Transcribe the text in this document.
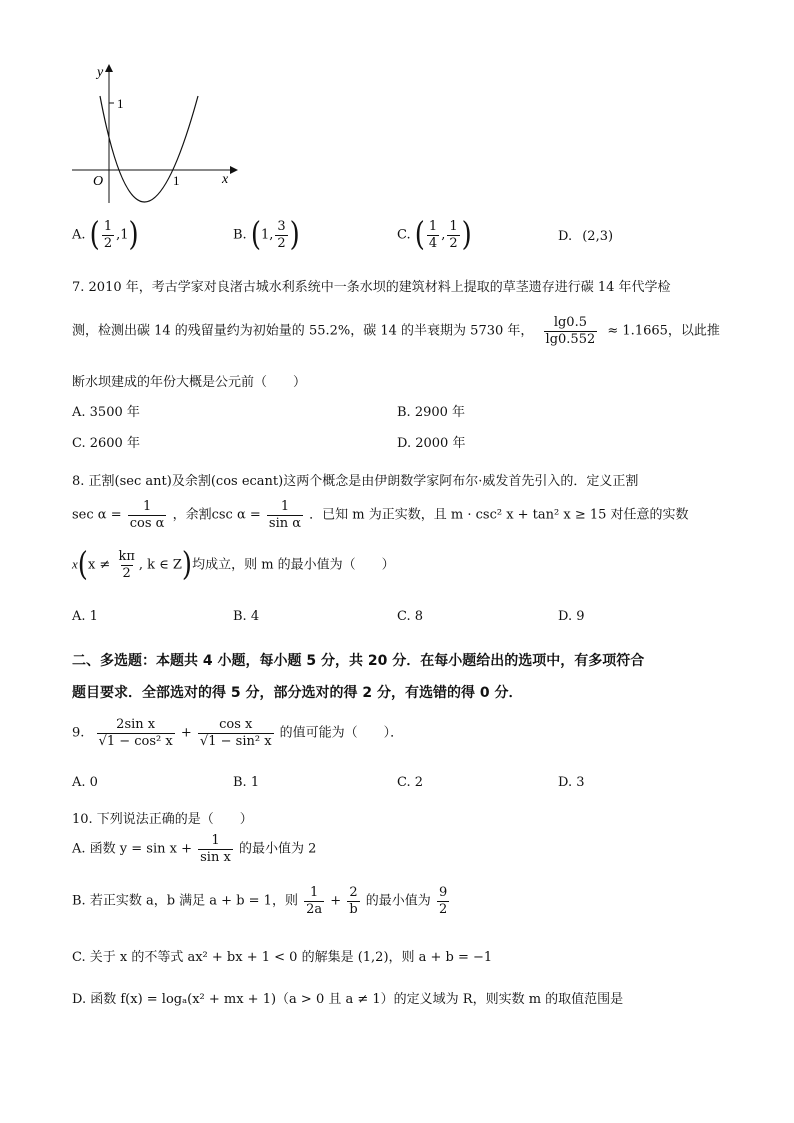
y
x
O
1
1
A. ( $\frac{1}{2} ,1$)	B. (1, $\frac{3}{2}$ )	C. ( $\frac{1}{4}$ , $\frac{1}{2}$ )	D. (2,3)
7. 2010 年，考古学家对良渚古城水利系统中一条水坝的建筑材料上提取的草茎遗存进行碳 14 年代学检
测，检测出碳 14 的残留量约为初始量的 55.2%，碳 14 的半衰期为 5730 年， $\frac{\lg 0.5}{\lg 0.552} \approx 1.1665$，以此推
断水坝建成的年份大概是公元前（　　）
A. 3500 年	B. 2900 年
C. 2600 年	D. 2000 年
8. 正割(sec ant)及余割(cos ecant)这两个概念是由伊朗数学家阿布尔·威发首先引入的．定义正割
$\sec \alpha = \frac{1}{\text{cos α}}$ ，余割$\csc \alpha = \frac{1}{\text{sin α}}$ ．已知 m 为正实数，且 m · csc² x + tan² x ≥ 15 对任意的实数
$x(x \ne \frac{k\pi}{2}$ , k ∈ Z)均成立，则 m 的最小值为（　　）
A. 1	B. 4	C. 8	D. 9
二、多选题：本题共 4 小题，每小题 5 分，共 20 分．在每小题给出的选项中，有多项符合
题目要求．全部选对的得 5 分，部分选对的得 2 分，有选错的得 0 分．
9. $\frac{\text{2sin x}}{\text{√1 − cos² x}} + \frac{\text{cos x}}{\text{√1 − sin² x}}$ 的值可能为（　　）．
A. 0	B. 1	C. 2	D. 3
10. 下列说法正确的是（　　）
A. 函数 $y = \sin x + \frac{1}{\text{sin x}}$ 的最小值为 2
B. 若正实数 a，b 满足 a + b = 1，则 $\frac{1}{2a} + \frac{2}{b}$ 的最小值为 $\frac{9}{2}$
C. 关于 x 的不等式 ax² + bx + 1 < 0 的解集是 (1,2)，则 a + b = −1
D. 函数 f(x) = logₐ(x² + mx + 1)（a > 0 且 a ≠ 1）的定义域为 R，则实数 m 的取值范围是
